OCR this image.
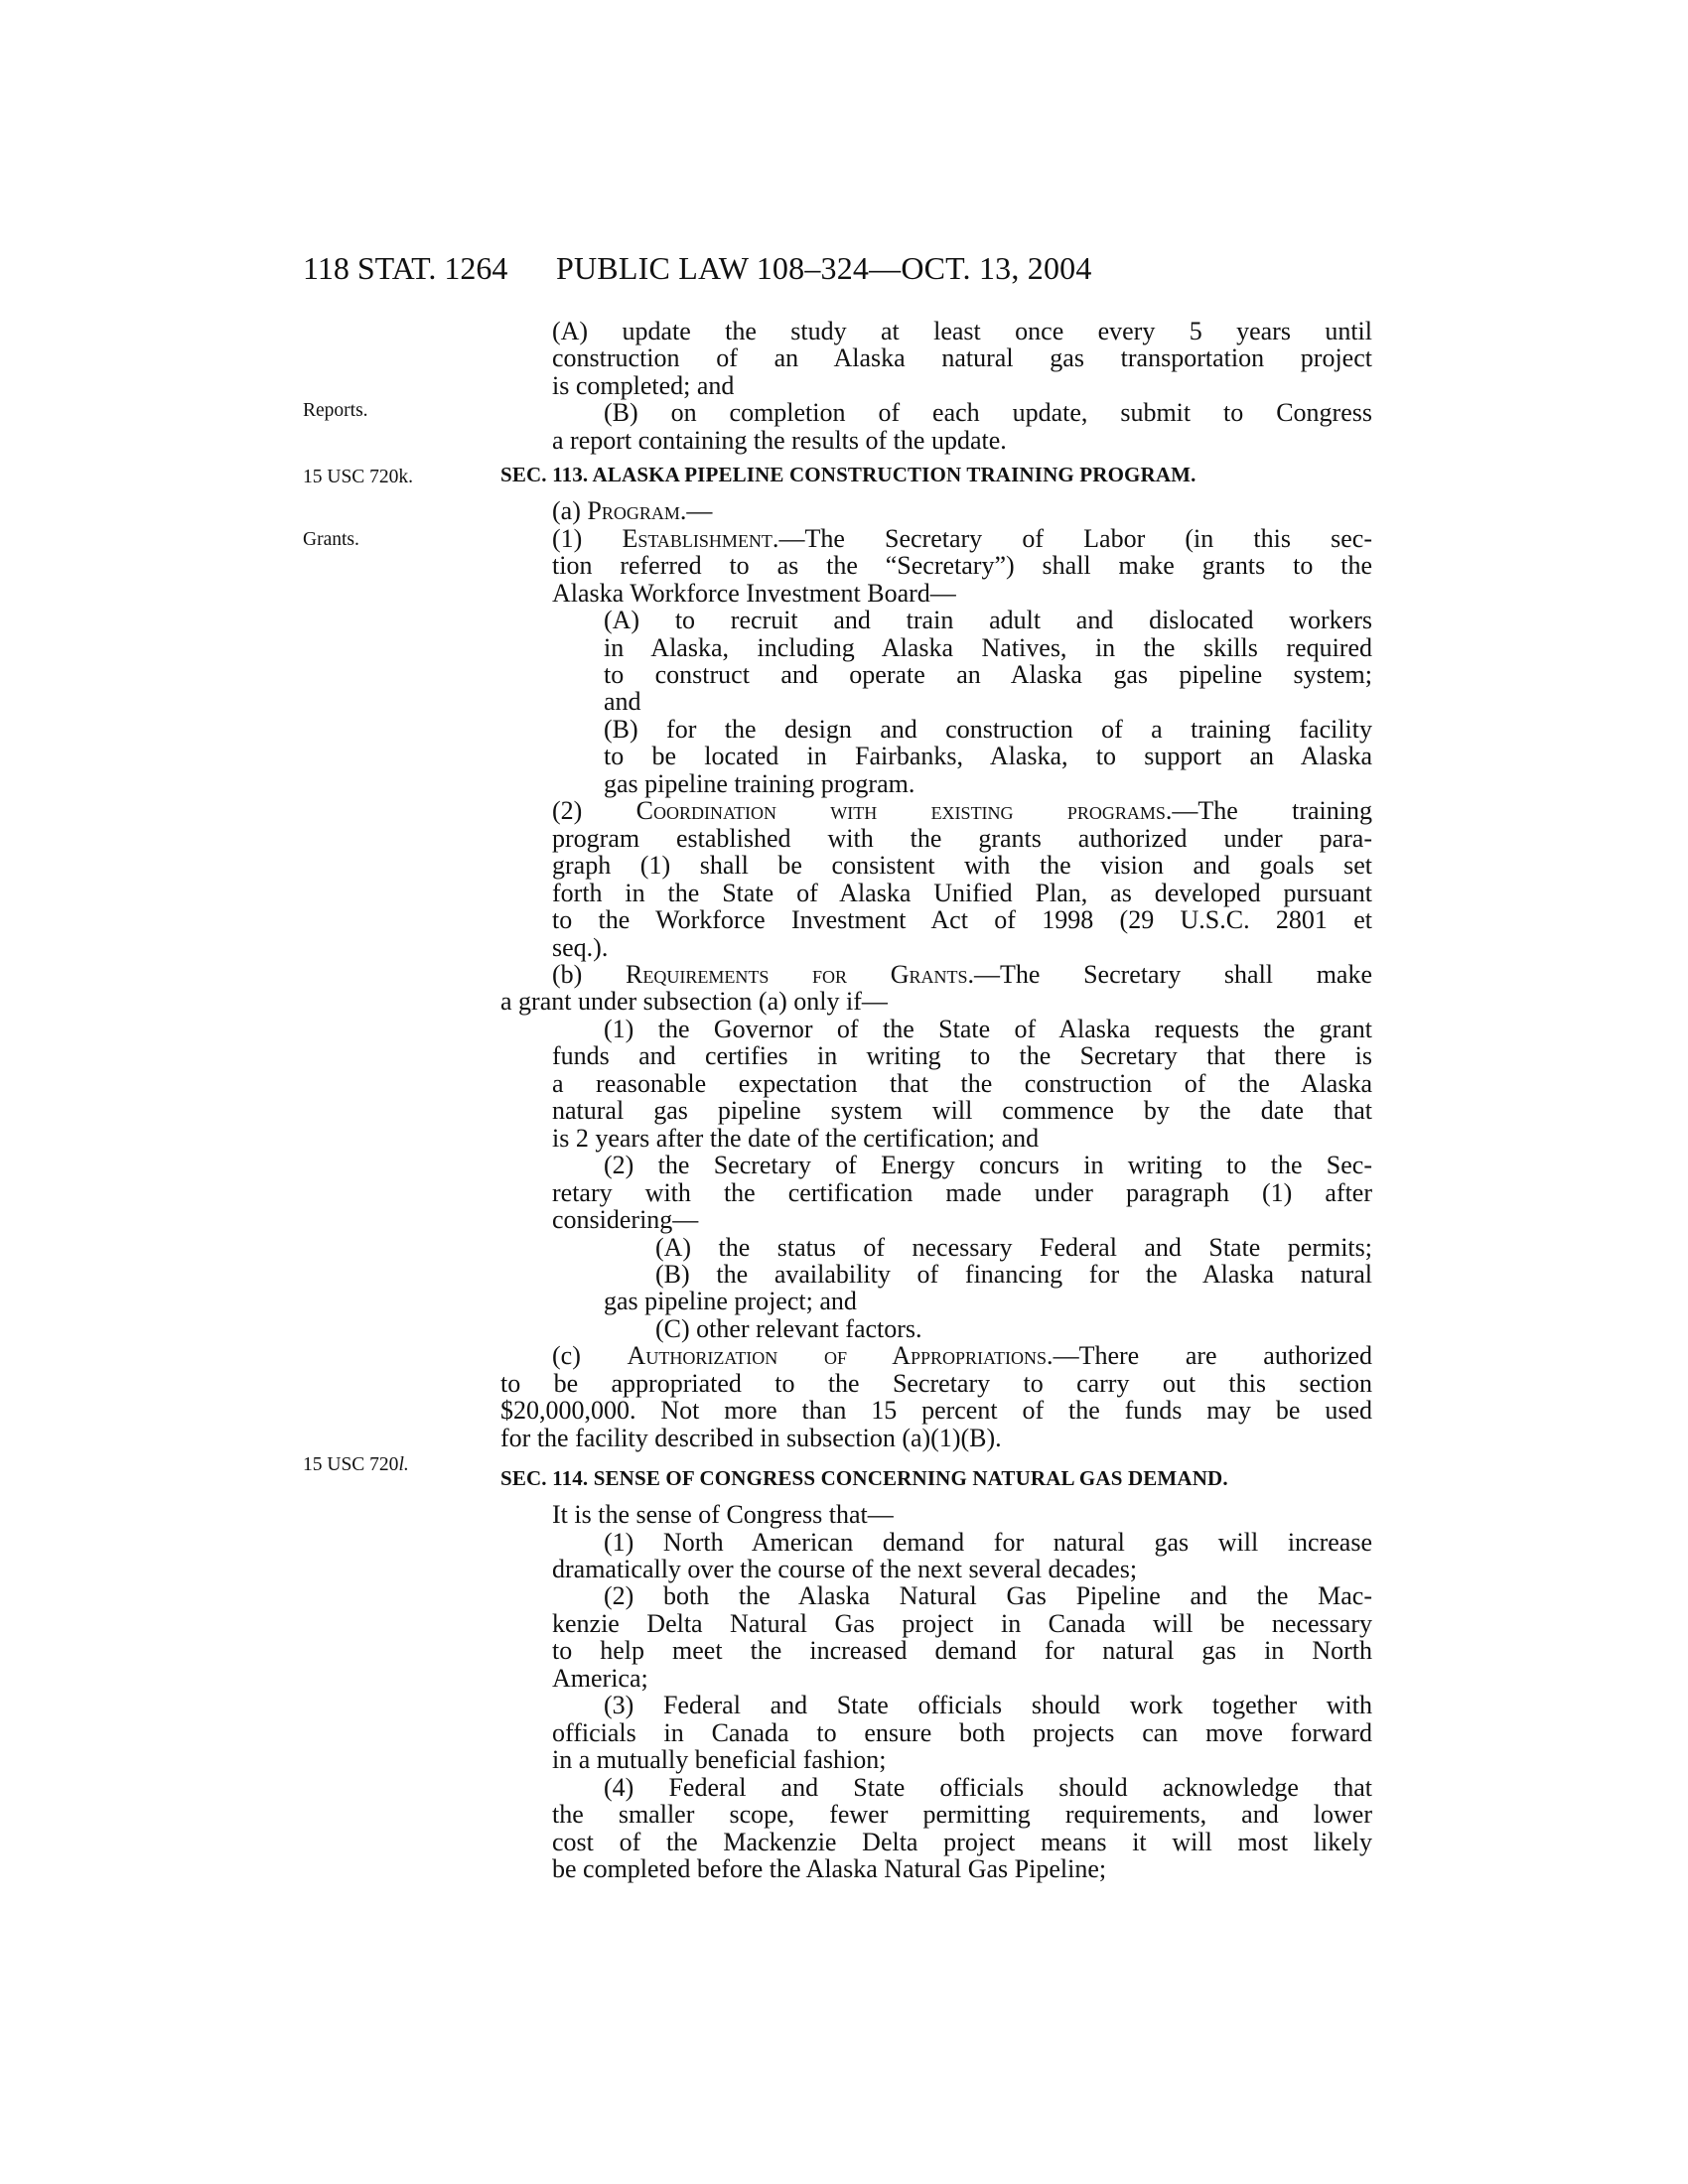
118 STAT. 1264 PUBLIC LAW 108–324—OCT. 13, 2004
Reports.
15 USC 720k.
Grants.
15 USC 720l.
(A) update the study at least once every 5 years until
construction of an Alaska natural gas transportation project
is completed; and
(B) on completion of each update, submit to Congress
a report containing the results of the update.
SEC. 113. ALASKA PIPELINE CONSTRUCTION TRAINING PROGRAM.
(a) Program.—
(1) Establishment.—The Secretary of Labor (in this sec-
tion referred to as the “Secretary”) shall make grants to the
Alaska Workforce Investment Board—
(A) to recruit and train adult and dislocated workers
in Alaska, including Alaska Natives, in the skills required
to construct and operate an Alaska gas pipeline system;
and
(B) for the design and construction of a training facility
to be located in Fairbanks, Alaska, to support an Alaska
gas pipeline training program.
(2) Coordination with existing programs.—The training
program established with the grants authorized under para-
graph (1) shall be consistent with the vision and goals set
forth in the State of Alaska Unified Plan, as developed pursuant
to the Workforce Investment Act of 1998 (29 U.S.C. 2801 et
seq.).
(b) Requirements for Grants.—The Secretary shall make
a grant under subsection (a) only if—
(1) the Governor of the State of Alaska requests the grant
funds and certifies in writing to the Secretary that there is
a reasonable expectation that the construction of the Alaska
natural gas pipeline system will commence by the date that
is 2 years after the date of the certification; and
(2) the Secretary of Energy concurs in writing to the Sec-
retary with the certification made under paragraph (1) after
considering—
(A) the status of necessary Federal and State permits;
(B) the availability of financing for the Alaska natural
gas pipeline project; and
(C) other relevant factors.
(c) Authorization of Appropriations.—There are authorized
to be appropriated to the Secretary to carry out this section
$20,000,000. Not more than 15 percent of the funds may be used
for the facility described in subsection (a)(1)(B).
SEC. 114. SENSE OF CONGRESS CONCERNING NATURAL GAS DEMAND.
It is the sense of Congress that—
(1) North American demand for natural gas will increase
dramatically over the course of the next several decades;
(2) both the Alaska Natural Gas Pipeline and the Mac-
kenzie Delta Natural Gas project in Canada will be necessary
to help meet the increased demand for natural gas in North
America;
(3) Federal and State officials should work together with
officials in Canada to ensure both projects can move forward
in a mutually beneficial fashion;
(4) Federal and State officials should acknowledge that
the smaller scope, fewer permitting requirements, and lower
cost of the Mackenzie Delta project means it will most likely
be completed before the Alaska Natural Gas Pipeline;
